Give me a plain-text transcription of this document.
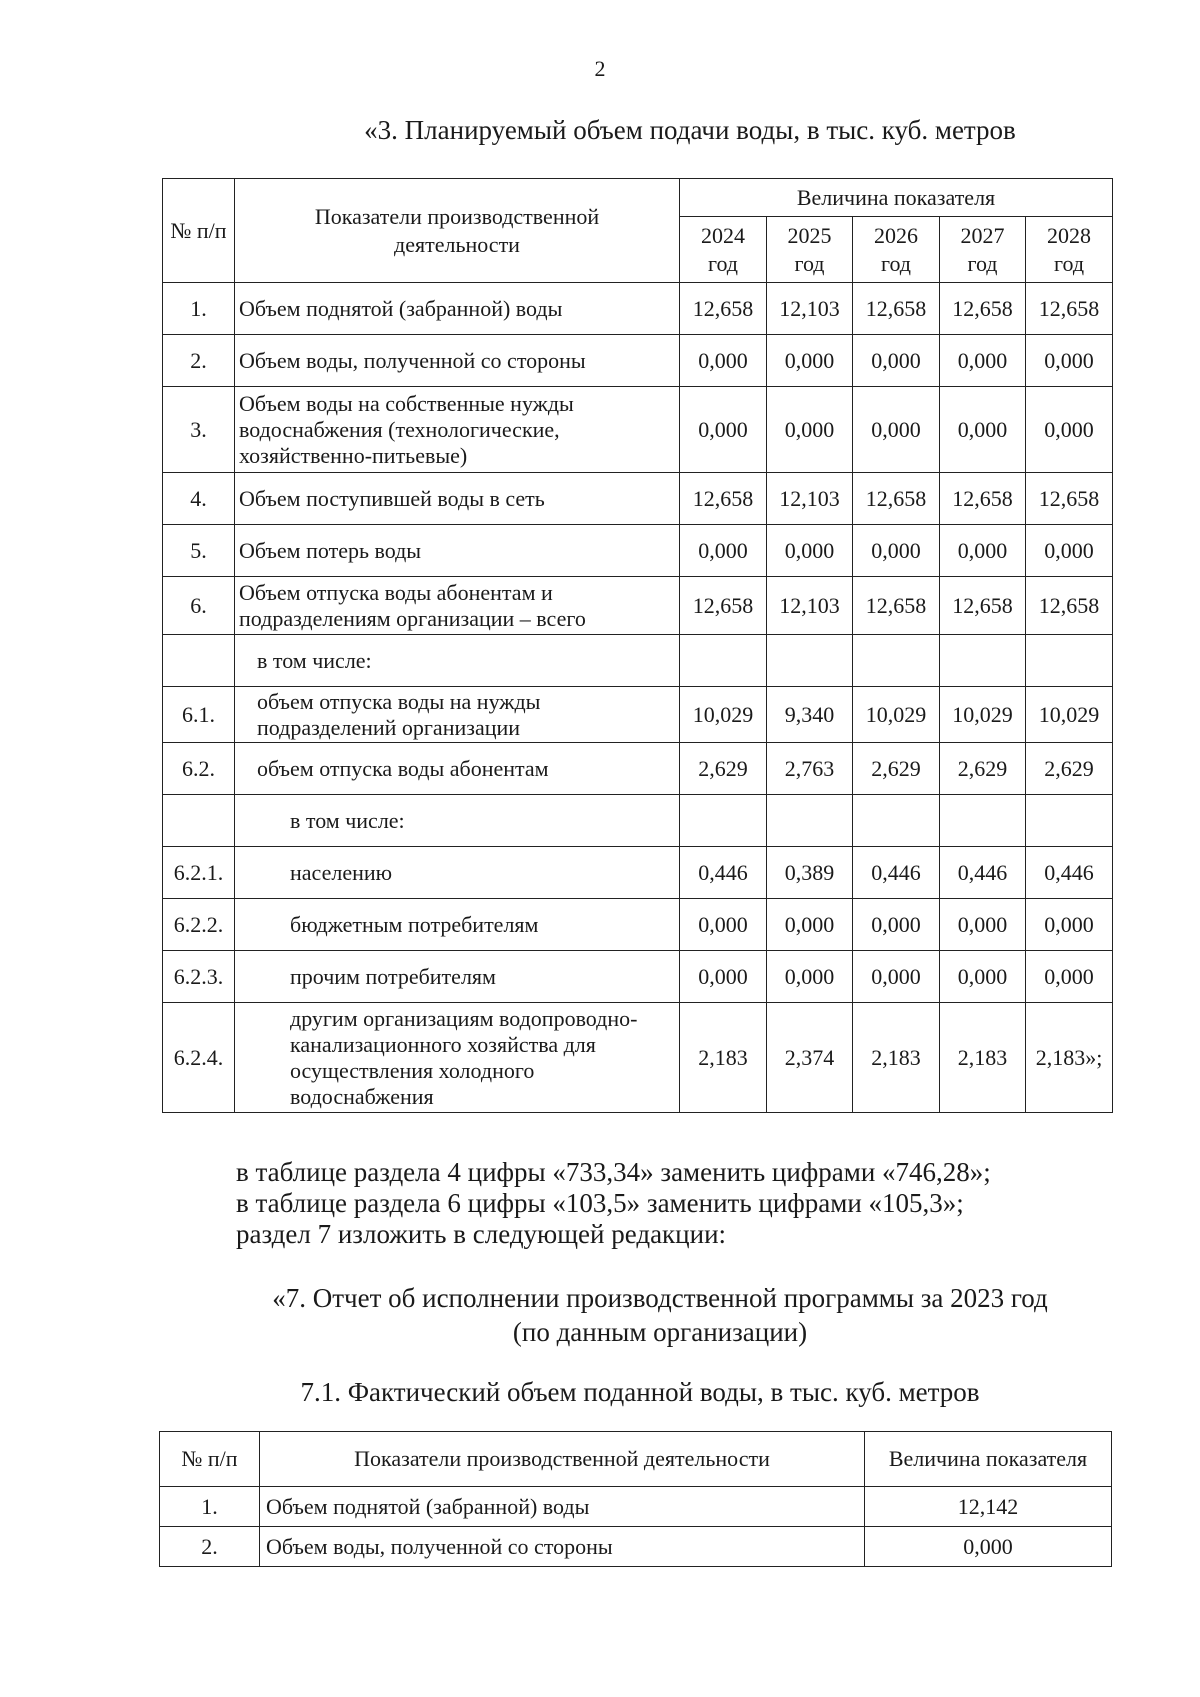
2
«3. Планируемый объем подачи воды, в тыс. куб. метров
№ п/п	Показатели производственной деятельности	Величина показателя				
		2024 год	2025 год	2026 год	2027 год	2028 год
1.	Объем поднятой (забранной) воды	12,658	12,103	12,658	12,658	12,658
2.	Объем воды, полученной со стороны	0,000	0,000	0,000	0,000	0,000
3.	Объем воды на собственные нужды водоснабжения (технологические, хозяйственно-питьевые)	0,000	0,000	0,000	0,000	0,000
4.	Объем поступившей воды в сеть	12,658	12,103	12,658	12,658	12,658
5.	Объем потерь воды	0,000	0,000	0,000	0,000	0,000
6.	Объем отпуска воды абонентам и подразделениям организации – всего	12,658	12,103	12,658	12,658	12,658
	в том числе:					
6.1.	объем отпуска воды на нужды подразделений организации	10,029	9,340	10,029	10,029	10,029
6.2.	объем отпуска воды абонентам	2,629	2,763	2,629	2,629	2,629
	в том числе:					
6.2.1.	населению	0,446	0,389	0,446	0,446	0,446
6.2.2.	бюджетным потребителям	0,000	0,000	0,000	0,000	0,000
6.2.3.	прочим потребителям	0,000	0,000	0,000	0,000	0,000
6.2.4.	другим организациям водопроводно-канализационного хозяйства для осуществления холодного водоснабжения	2,183	2,374	2,183	2,183	2,183»;
в таблице раздела 4 цифры «733,34» заменить цифрами «746,28»;
в таблице раздела 6 цифры «103,5» заменить цифрами «105,3»;
раздел 7 изложить в следующей редакции:
«7. Отчет об исполнении производственной программы за 2023 год
(по данным организации)
7.1. Фактический объем поданной воды, в тыс. куб. метров
№ п/п	Показатели производственной деятельности	Величина показателя
1.	Объем поднятой (забранной) воды	12,142
2.	Объем воды, полученной со стороны	0,000
